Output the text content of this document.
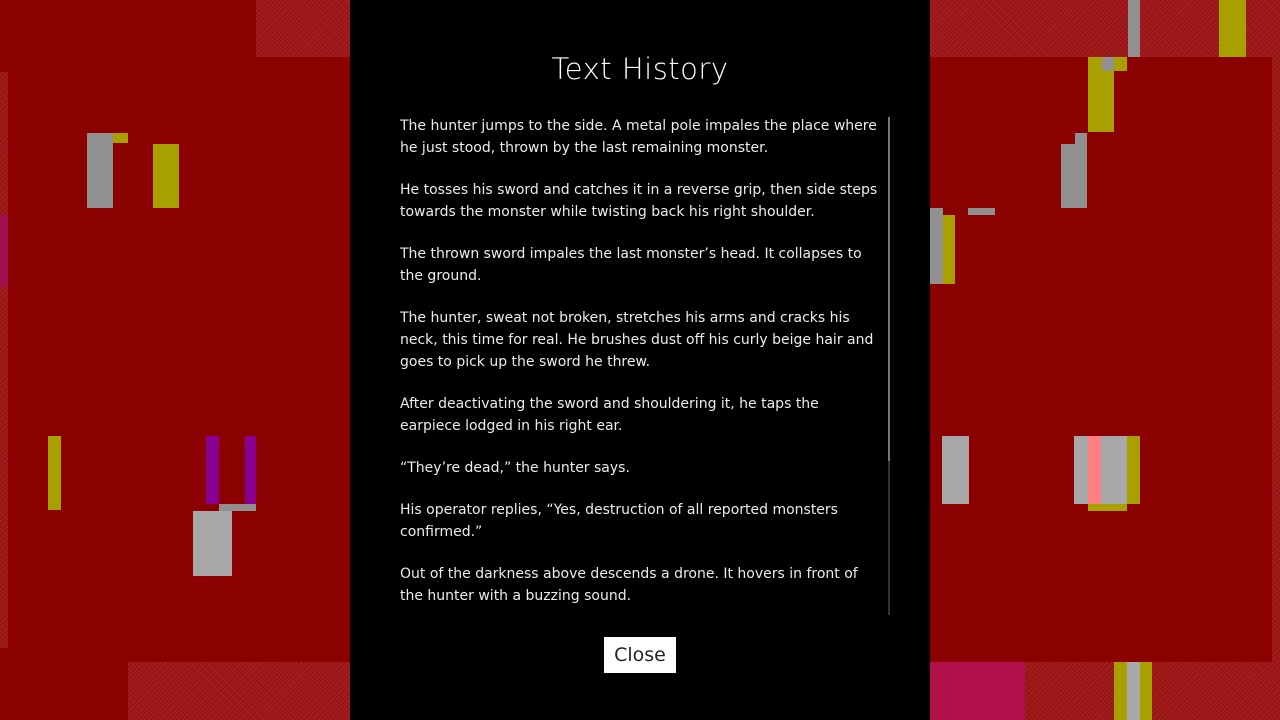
Text History

The hunter jumps to the side. A metal pole impales the place where he just stood, thrown by the last remaining monster.

He tosses his sword and catches it in a reverse grip, then side steps towards the monster while twisting back his right shoulder.

The thrown sword impales the last monster’s head. It collapses to the ground.

The hunter, sweat not broken, stretches his arms and cracks his neck, this time for real. He brushes dust off his curly beige hair and goes to pick up the sword he threw.

After deactivating the sword and shouldering it, he taps the earpiece lodged in his right ear.

“They’re dead,” the hunter says.

His operator replies, “Yes, destruction of all reported monsters confirmed.”

Out of the darkness above descends a drone. It hovers in front of the hunter with a buzzing sound.

Close
